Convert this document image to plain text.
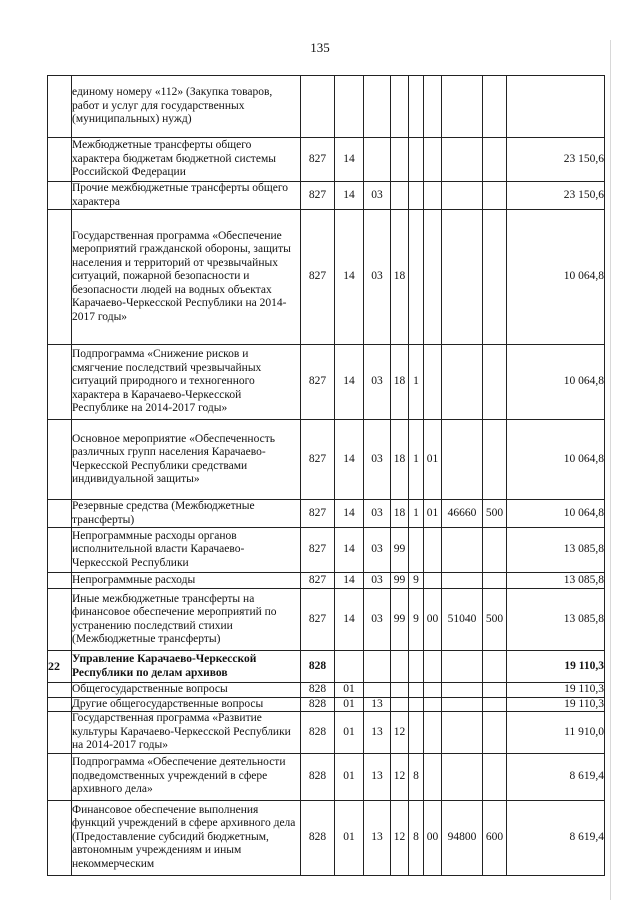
135
	единому номеру «112» (Закупка товаров, работ и услуг для государственных (муниципальных) нужд)									
	Межбюджетные трансферты общего характера бюджетам бюджетной системы Российской Федерации	827	14							23 150,6
	Прочие межбюджетные трансферты общего характера	827	14	03						23 150,6
	Государственная программа «Обеспечение мероприятий гражданской обороны, защиты населения и территорий от чрезвычайных ситуаций, пожарной безопасности и безопасности людей на водных объектах Карачаево-Черкесской Республики на 2014-2017 годы»	827	14	03	18					10 064,8
	Подпрограмма «Снижение рисков и смягчение последствий чрезвычайных ситуаций природного и техногенного характера в Карачаево-Черкесской Республике на 2014-2017 годы»	827	14	03	18	1				10 064,8
	Основное мероприятие «Обеспеченность различных групп населения Карачаево-Черкесской Республики средствами индивидуальной защиты»	827	14	03	18	1	01			10 064,8
	Резервные средства (Межбюджетные трансферты)	827	14	03	18	1	01	46660	500	10 064,8
	Непрограммные расходы органов исполнительной власти Карачаево-Черкесской Республики	827	14	03	99					13 085,8
	Непрограммные расходы	827	14	03	99	9				13 085,8
	Иные межбюджетные трансферты на финансовое обеспечение мероприятий по устранению последствий стихии (Межбюджетные трансферты)	827	14	03	99	9	00	51040	500	13 085,8
22	Управление Карачаево-Черкесской Республики по делам архивов	828								19 110,3
	Общегосударственные вопросы	828	01							19 110,3
	Другие общегосударственные вопросы	828	01	13						19 110,3
	Государственная программа «Развитие культуры Карачаево-Черкесской Республики на 2014-2017 годы»	828	01	13	12					11 910,0
	Подпрограмма «Обеспечение деятельности подведомственных учреждений в сфере архивного дела»	828	01	13	12	8				8 619,4
	Финансовое обеспечение выполнения функций учреждений в сфере архивного дела (Предоставление субсидий бюджетным, автономным учреждениям и иным некоммерческим	828	01	13	12	8	00	94800	600	8 619,4
